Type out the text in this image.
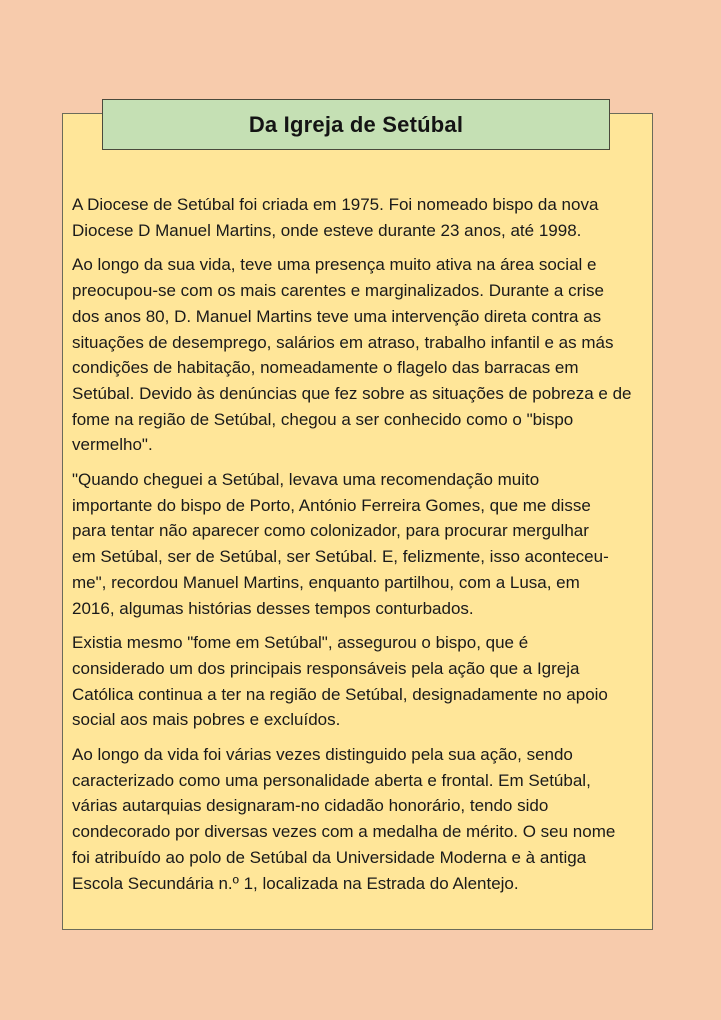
Da Igreja de Setúbal
A Diocese de Setúbal foi criada em 1975. Foi nomeado bispo da nova
Diocese D Manuel Martins, onde esteve durante 23 anos, até 1998.
Ao longo da sua vida, teve uma presença muito ativa na área social e
preocupou-se com os mais carentes e marginalizados. Durante a crise
dos anos 80, D. Manuel Martins teve uma intervenção direta contra as
situações de desemprego, salários em atraso, trabalho infantil e as más
condições de habitação, nomeadamente o flagelo das barracas em
Setúbal. Devido às denúncias que fez sobre as situações de pobreza e de
fome na região de Setúbal, chegou a ser conhecido como o "bispo
vermelho".
"Quando cheguei a Setúbal, levava uma recomendação muito
importante do bispo de Porto, António Ferreira Gomes, que me disse
para tentar não aparecer como colonizador, para procurar mergulhar
em Setúbal, ser de Setúbal, ser Setúbal. E, felizmente, isso aconteceu-
me", recordou Manuel Martins, enquanto partilhou, com a Lusa, em
2016, algumas histórias desses tempos conturbados.
Existia mesmo "fome em Setúbal", assegurou o bispo, que é
considerado um dos principais responsáveis pela ação que a Igreja
Católica continua a ter na região de Setúbal, designadamente no apoio
social aos mais pobres e excluídos.
Ao longo da vida foi várias vezes distinguido pela sua ação, sendo
caracterizado como uma personalidade aberta e frontal. Em Setúbal,
várias autarquias designaram-no cidadão honorário, tendo sido
condecorado por diversas vezes com a medalha de mérito. O seu nome
foi atribuído ao polo de Setúbal da Universidade Moderna e à antiga
Escola Secundária n.º 1, localizada na Estrada do Alentejo.
